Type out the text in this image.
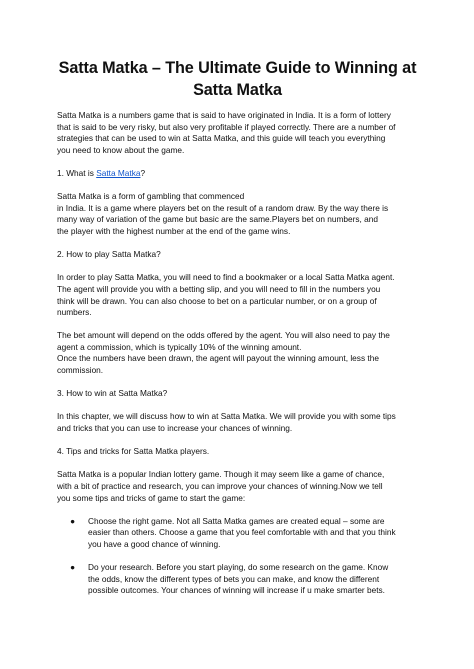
Satta Matka – The Ultimate Guide to Winning at
Satta Matka

Satta Matka is a numbers game that is said to have originated in India. It is a form of lottery
that is said to be very risky, but also very profitable if played correctly. There are a number of
strategies that can be used to win at Satta Matka, and this guide will teach you everything
you need to know about the game.

1. What is Satta Matka?

Satta Matka is a form of gambling that commenced
in India. It is a game where players bet on the result of a random draw. By the way there is
many way of variation of the game but basic are the same.Players bet on numbers, and
the player with the highest number at the end of the game wins.

2. How to play Satta Matka?

In order to play Satta Matka, you will need to find a bookmaker or a local Satta Matka agent.
The agent will provide you with a betting slip, and you will need to fill in the numbers you
think will be drawn. You can also choose to bet on a particular number, or on a group of
numbers.

The bet amount will depend on the odds offered by the agent. You will also need to pay the
agent a commission, which is typically 10% of the winning amount.
Once the numbers have been drawn, the agent will payout the winning amount, less the
commission.

3. How to win at Satta Matka?

In this chapter, we will discuss how to win at Satta Matka. We will provide you with some tips
and tricks that you can use to increase your chances of winning.

4. Tips and tricks for Satta Matka players.

Satta Matka is a popular Indian lottery game. Though it may seem like a game of chance,
with a bit of practice and research, you can improve your chances of winning.Now we tell
you some tips and tricks of game to start the game:

● Choose the right game. Not all Satta Matka games are created equal – some are
easier than others. Choose a game that you feel comfortable with and that you think
you have a good chance of winning.
● Do your research. Before you start playing, do some research on the game. Know
the odds, know the different types of bets you can make, and know the different
possible outcomes. Your chances of winning will increase if u make smarter bets.
